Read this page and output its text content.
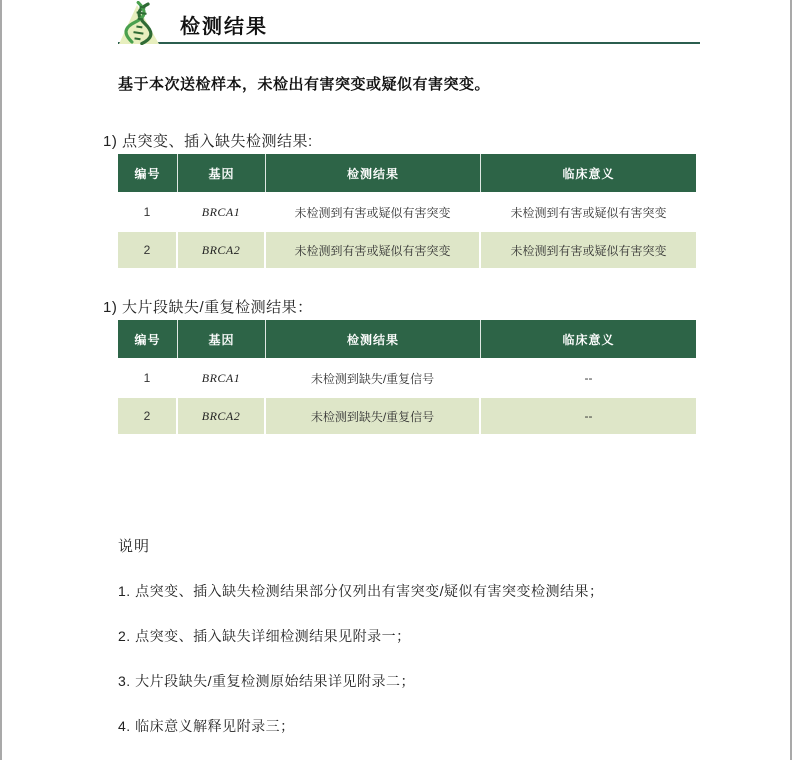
检测结果
基于本次送检样本，未检出有害突变或疑似有害突变。
1) 点突变、插入缺失检测结果:
编号	基因	检测结果	临床意义
1	BRCA1	未检测到有害或疑似有害突变	未检测到有害或疑似有害突变
2	BRCA2	未检测到有害或疑似有害突变	未检测到有害或疑似有害突变
1) 大片段缺失/重复检测结果：
编号	基因	检测结果	临床意义
1	BRCA1	未检测到缺失/重复信号	--
2	BRCA2	未检测到缺失/重复信号	--
说明
1. 点突变、插入缺失检测结果部分仅列出有害突变/疑似有害突变检测结果；
2. 点突变、插入缺失详细检测结果见附录一；
3. 大片段缺失/重复检测原始结果详见附录二；
4. 临床意义解释见附录三；
